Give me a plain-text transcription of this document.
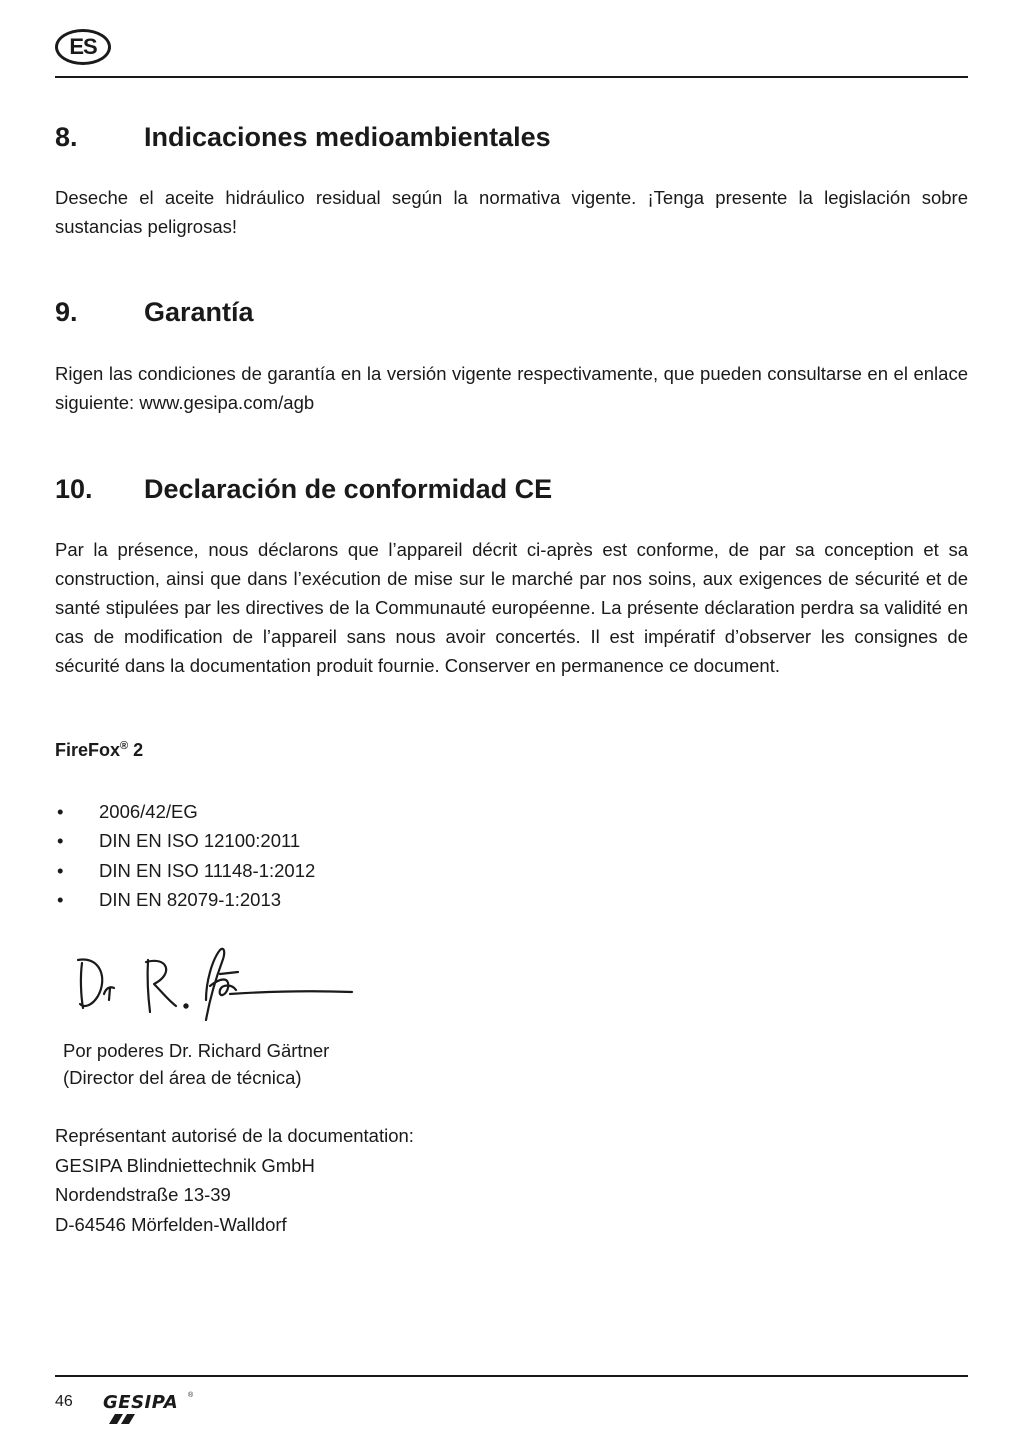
ES
8. Indicaciones medioambientales

Deseche el aceite hidráulico residual según la normativa vigente. ¡Tenga presente la legislación sobre sustancias peligrosas!

9. Garantía

Rigen las condiciones de garantía en la versión vigente respectivamente, que pueden consultarse en el enlace siguiente: www.gesipa.com/agb

10. Declaración de conformidad CE

Par la présence, nous déclarons que l’appareil décrit ci-après est conforme, de par sa conception et sa construction, ainsi que dans l’exécution de mise sur le marché par nos soins, aux exigences de sécurité et de santé stipulées par les directives de la Communauté européenne. La présente déclaration perdra sa validité en cas de modification de l’appareil sans nous avoir concertés. Il est impératif d’observer les consignes de sécurité dans la documentation produit fournie. Conserver en permanence ce document.

FireFox® 2

• 2006/42/EG
• DIN EN ISO 12100:2011
• DIN EN ISO 11148-1:2012
• DIN EN 82079-1:2013

Por poderes Dr. Richard Gärtner
(Director del área de técnica)

Représentant autorisé de la documentation:
GESIPA Blindniettechnik GmbH
Nordendstraße 13-39
D-64546 Mörfelden-Walldorf

46 GESIPA ®
